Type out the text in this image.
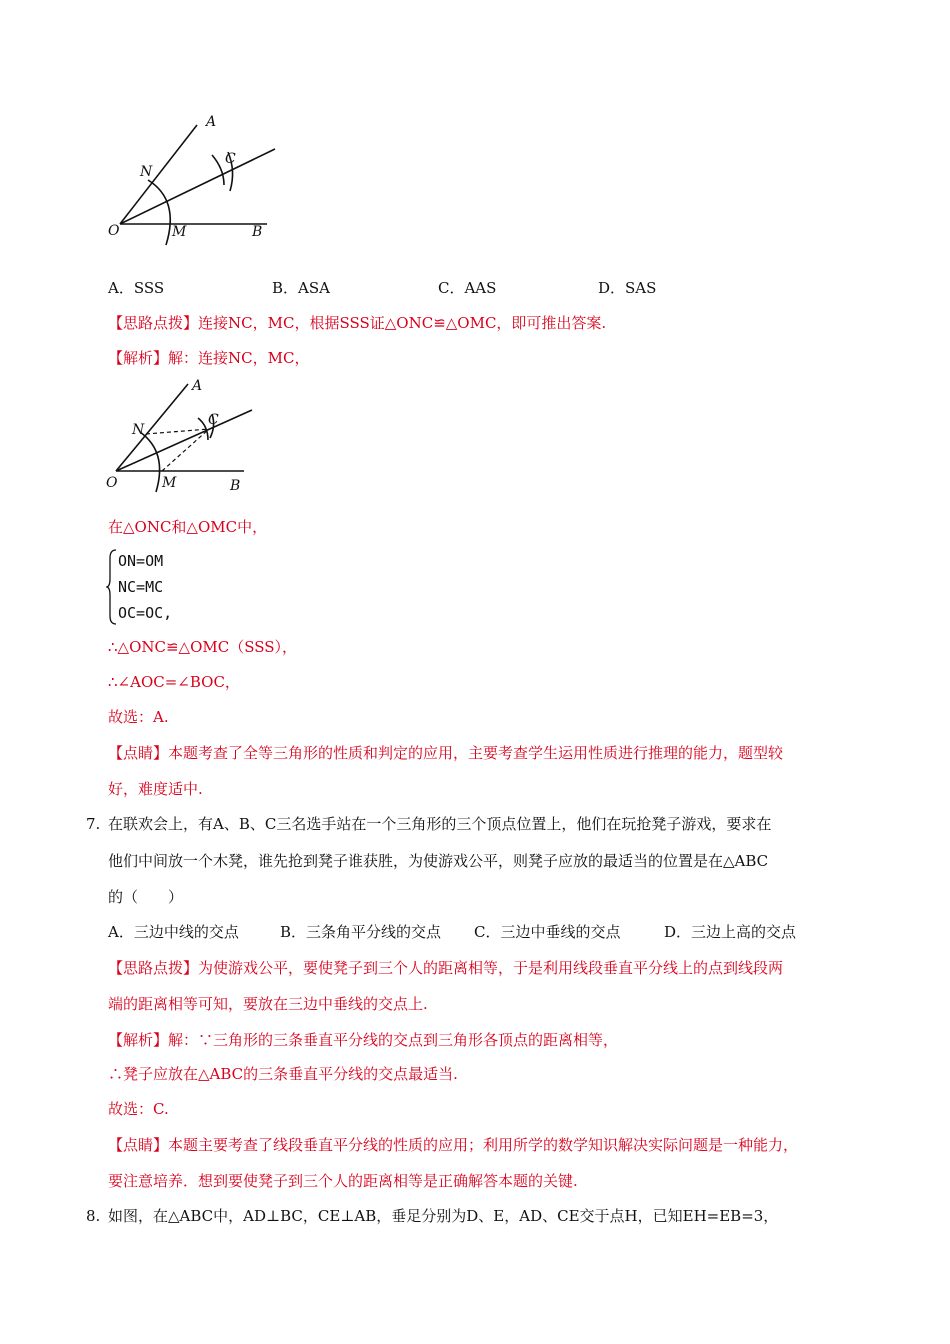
A
C
N
O	M	B
A．SSS	B．ASA	C．AAS	D．SAS
【思路点拨】连接NC，MC，根据SSS证△ONC≌△OMC，即可推出答案.
【解析】解：连接NC，MC，
A
C
N
O	M	B
在△ONC和△OMC中，
ON=OM
NC=MC
OC=OC,
∴△ONC≌△OMC（SSS），
∴∠AOC=∠BOC，
故选：A.
【点睛】本题考查了全等三角形的性质和判定的应用，主要考查学生运用性质进行推理的能力，题型较
好，难度适中.
7. 在联欢会上，有A、B、C三名选手站在一个三角形的三个顶点位置上，他们在玩抢凳子游戏，要求在
他们中间放一个木凳，谁先抢到凳子谁获胜，为使游戏公平，则凳子应放的最适当的位置是在△ABC
的（　　）
A．三边中线的交点	B．三条角平分线的交点 C．三边中垂线的交点	D．三边上高的交点
【思路点拨】为使游戏公平，要使凳子到三个人的距离相等，于是利用线段垂直平分线上的点到线段两
端的距离相等可知，要放在三边中垂线的交点上.
【解析】解：∵三角形的三条垂直平分线的交点到三角形各顶点的距离相等，
∴凳子应放在△ABC的三条垂直平分线的交点最适当.
故选：C.
【点睛】本题主要考查了线段垂直平分线的性质的应用；利用所学的数学知识解决实际问题是一种能力，
要注意培养．想到要使凳子到三个人的距离相等是正确解答本题的关键.
8. 如图，在△ABC中，AD⊥BC，CE⊥AB，垂足分别为D、E，AD、CE交于点H，已知EH=EB=3，
